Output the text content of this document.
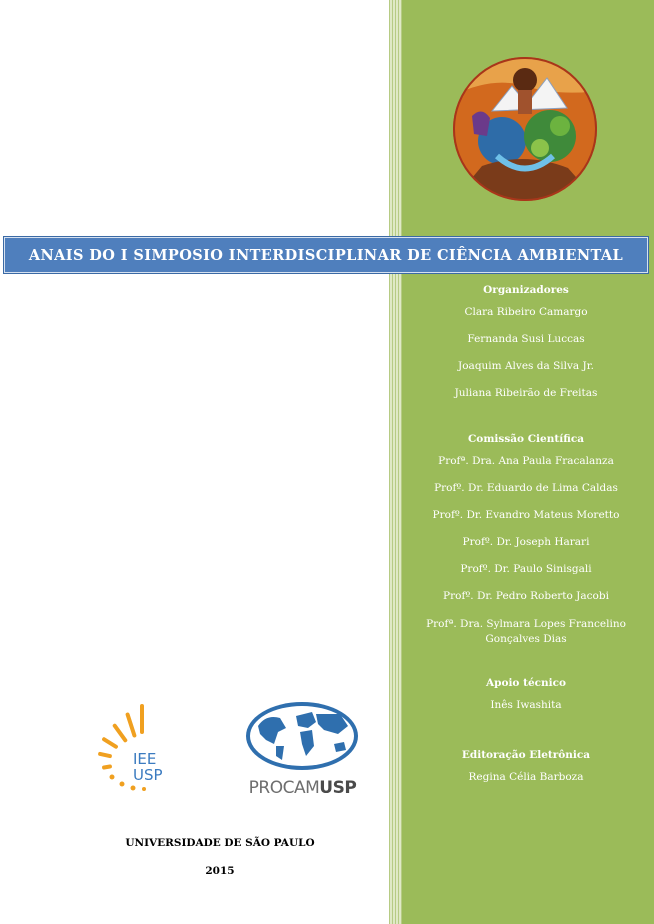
ANAIS DO I SIMPOSIO INTERDISCIPLINAR DE CIÊNCIA AMBIENTAL
Organizadores
Clara Ribeiro Camargo
Fernanda Susi Luccas
Joaquim Alves da Silva Jr.
Juliana Ribeirão de Freitas
Comissão Científica
Profª. Dra. Ana Paula Fracalanza
Profº. Dr. Eduardo de Lima Caldas
Profº. Dr. Evandro Mateus Moretto
Profº. Dr. Joseph Harari
Profº. Dr. Paulo Sinisgali
Profº. Dr. Pedro Roberto Jacobi
Profª. Dra. Sylmara Lopes Francelino
Gonçalves Dias
Apoio técnico
Inês Iwashita
Editoração Eletrônica
Regina Célia Barboza
IEE
USP
PROCAMUSP
UNIVERSIDADE DE SÃO PAULO
2015
